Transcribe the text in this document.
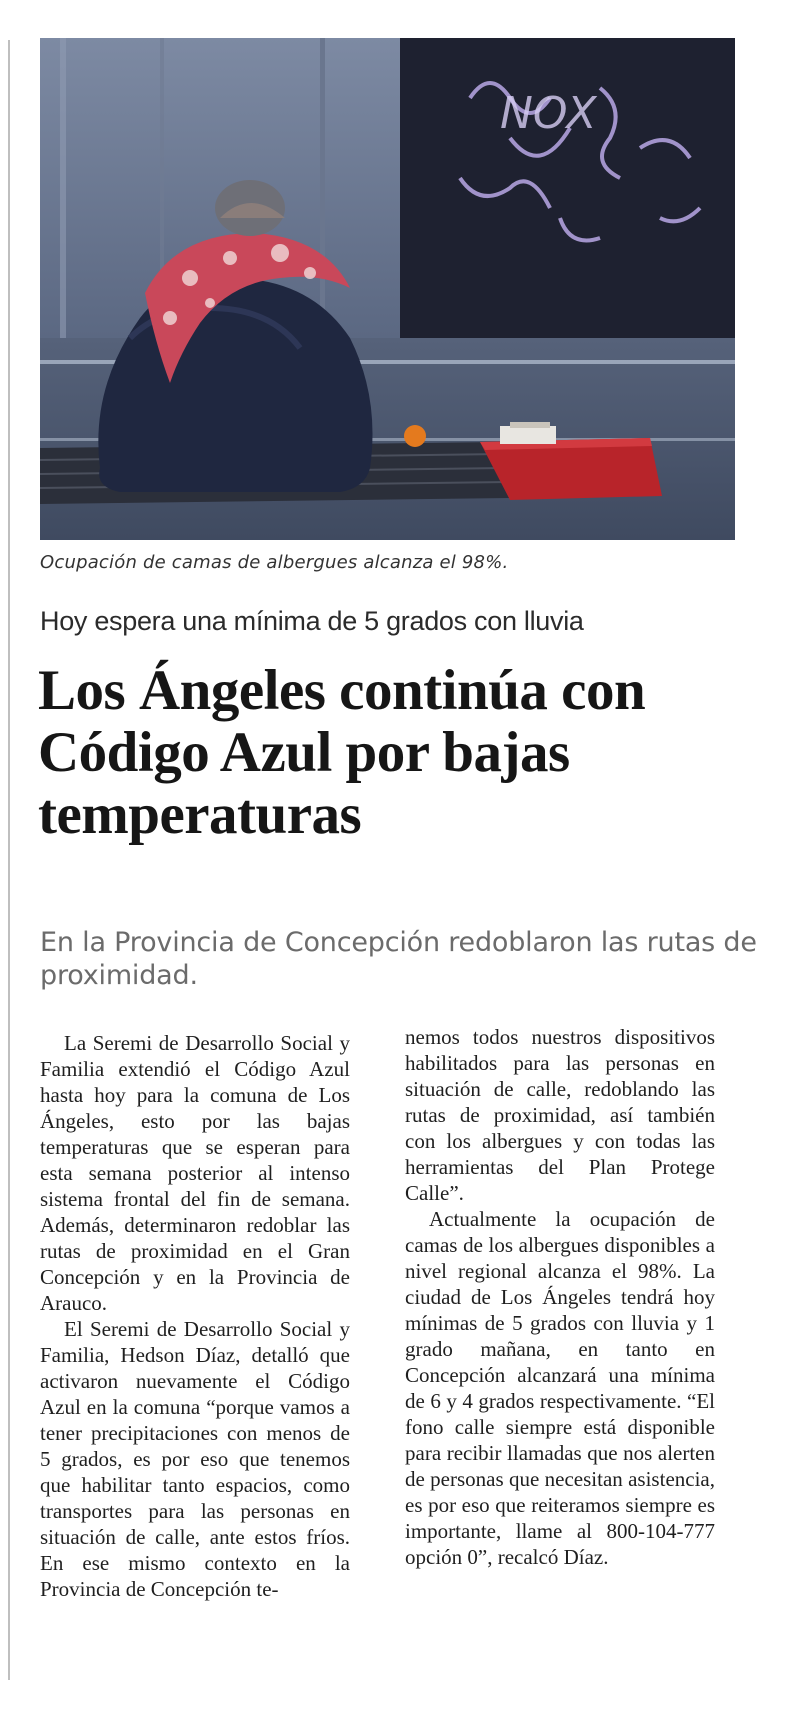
NOX
Ocupación de camas de albergues alcanza el 98%.
Hoy espera una mínima de 5 grados con lluvia
Los Ángeles continúa con Código Azul por bajas temperaturas
En la Provincia de Concepción redoblaron las rutas de proximidad.

La Seremi de Desarrollo Social y Familia extendió el Código Azul hasta hoy para la comuna de Los Ángeles, esto por las bajas temperaturas que se esperan para esta semana posterior al intenso sistema frontal del fin de semana. Además, determinaron redoblar las rutas de proximidad en el Gran Concepción y en la Provincia de Arauco.

El Seremi de Desarrollo Social y Familia, Hedson Díaz, detalló que activaron nuevamente el Código Azul en la comuna “porque vamos a tener precipitaciones con menos de 5 grados, es por eso que tenemos que habilitar tanto espacios, como transportes para las personas en situación de calle, ante estos fríos. En ese mismo contexto en la Provincia de Concepción te-

nemos todos nuestros dispositivos habilitados para las personas en situación de calle, redoblando las rutas de proximidad, así también con los albergues y con todas las herramientas del Plan Protege Calle”.

Actualmente la ocupación de camas de los albergues disponibles a nivel regional alcanza el 98%. La ciudad de Los Ángeles tendrá hoy mínimas de 5 grados con lluvia y 1 grado mañana, en tanto en Concepción alcanzará una mínima de 6 y 4 grados respectivamente. “El fono calle siempre está disponible para recibir llamadas que nos alerten de personas que necesitan asistencia, es por eso que reiteramos siempre es importante, llame al 800-104-777 opción 0”, recalcó Díaz.
